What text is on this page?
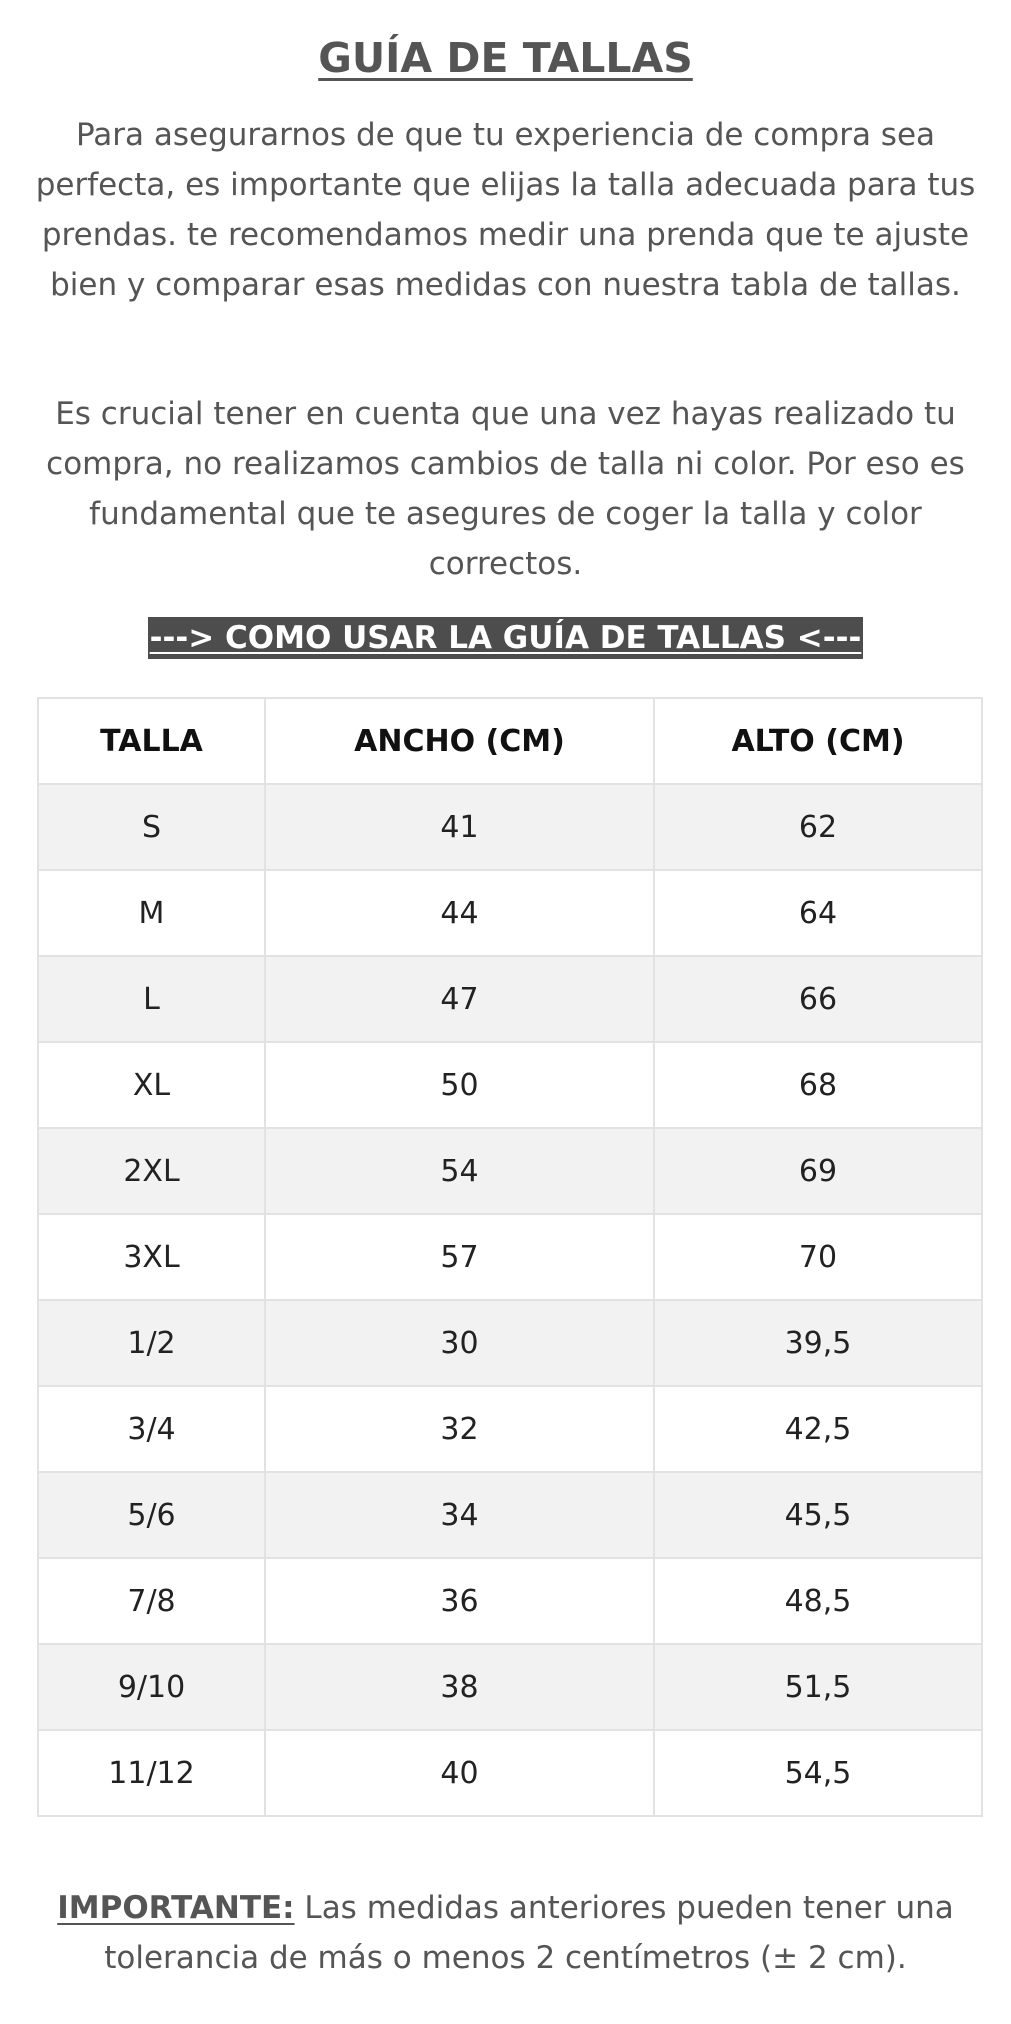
GUÍA DE TALLAS

Para asegurarnos de que tu experiencia de compra sea perfecta, es importante que elijas la talla adecuada para tus prendas. te recomendamos medir una prenda que te ajuste bien y comparar esas medidas con nuestra tabla de tallas.

Es crucial tener en cuenta que una vez hayas realizado tu compra, no realizamos cambios de talla ni color. Por eso es fundamental que te asegures de coger la talla y color correctos.

---> COMO USAR LA GUÍA DE TALLAS <---
TALLA	ANCHO (CM)	ALTO (CM)
S	41	62
M	44	64
L	47	66
XL	50	68
2XL	54	69
3XL	57	70
1/2	30	39,5
3/4	32	42,5
5/6	34	45,5
7/8	36	48,5
9/10	38	51,5
11/12	40	54,5

IMPORTANTE: Las medidas anteriores pueden tener una tolerancia de más o menos 2 centímetros (± 2 cm).
